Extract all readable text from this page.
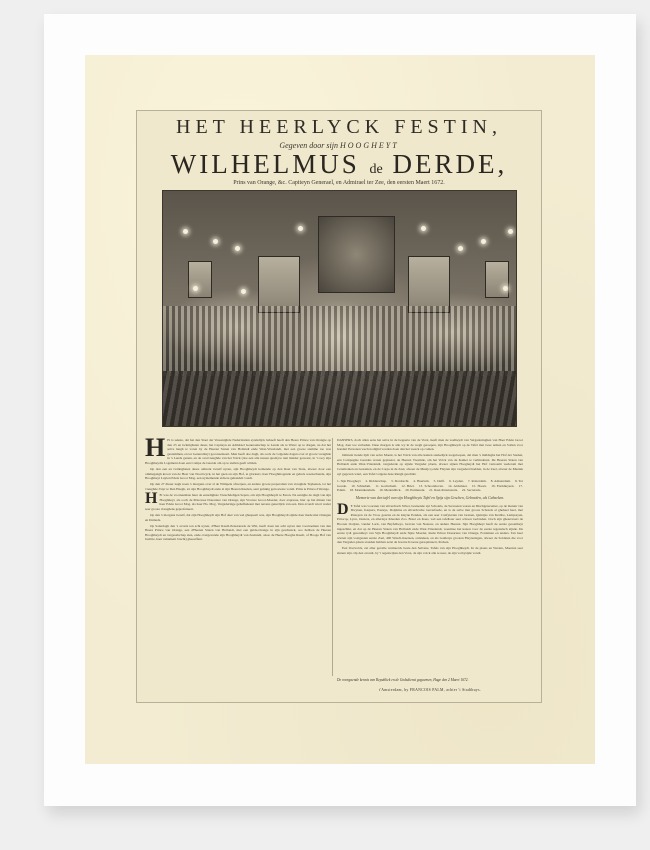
HET HEERLYCK FESTIN,
Gegeven door sijn HOOGHEYT
WILHELMUS de DERDE,
Prins van Orange, &c. Capiteyn Generael, en Admirael ter Zee, den eersten Maert 1672.
H Et is sekste, dat het den Staet der Vereenighde Nederlanden eyndelijck behaeft heeft den Heere Prince van Orangie op den 25 en twintighsten deser, het Capiteyn en Admirael Generaelschap te Lande als te Water op te dragen, na dat het selve langh te voren by de Heeren Staten van Hollandt ende West-Vrieslandt, met een groote stemme toe was gestemmen, en ter Generaliteyt geconsenteert. Men heeft doe dagh, als oock de volgende dagen over al groote vreughde in 's Lands gesien, en de overvreughde van het Volck (doe een alle tussen quam) te niet minder geweest, in 't rooy zijn Hooghheydts Logement doen een Compe de Guarde om op te stellen geeft wilden.

Op den een en twintighsten deses omtrent twaelf uyren, sijn Hooghheydt komende op den Raet van State, alwaer door een ommegangh kroon van de Heer van Noortwyck, in het gaen en sijn Hof, te glorieert, haer Hooghmogende en geluck weenschende, sijn Hooghheyt Luyten Edele Groot Mog. een uytnemende sichere gehandelt vondt.

Op den 27 dieser nagh noen 's morgens over al de Wimpels afwerpen, en andere groote preparatien van vreughde Teykenen, tot het vreughde-Vuyr te Den Haegh, tot sijn Hooghheydt ende al sijn Heeren Raeden, aent gelukig getrouwste vondt. Prins te Prince d'Orange.

H Et was de voornaemste huer de eensdighste Vreuchdeligen Sepen, om sijn Hooghheydt te Eeren. Na eenighe de dagh van sijn Hooghheyt, als ooch de Princesse Douariere van Orange, sijn Vrouwe Groot-Moeder, door expresse, hier op het minen van haer Edele Groot Mog. als haer Ho. Mog. Vergaderinge geliefheleent met nevens generlijck van een. Den avondt wiert wader seer groote vreugdens geprofetieert.

Op den 's morgens twaelf, dat zijn Hooghheydt sijn Hof daer van wel ghespeelt was, sijn Hooghheydt sijnde daer mede met Orangen en Dameds.

Op Saturdagh den 's avonts ten acht uyren, d'Heer Raedt-Pensionaris de Witt, heeft doen ten acht uyren den voornaemen van den Heere Prince van Orange, een d'Heeren Staten van Hollandt, met een gulde-Orange in sijn geschenck, soo hebben de Heeren Hooghheydt en vergeselschap sien, ende overgevende sijn Hooghheydt van Zeelandt, alsoo de Heere Hooghe Raedt, of Hooge Hof van Justitie, haer vehament bracht) gheoeffent.

DANSERS, doch allen eens het selve in de begeerte van de Vorst, heeft men de veelheydt van Vergaderinghen van Haer Edele Groot Mog. daer toe verbeden. Dese morgen is alle wy in de wegh geroepen, zijn Hooghheydt op de Tafel met twee armen en Sollen voor hondert Personen wech nodighd worden doen dan het weeck op comen.

Omtrent tiende tijdt van selve Maent, is het Volck van alle kanten sterkelijck toegeloopen, dat men 's middaghs het Hof der Steden, een Compagnie Guardes waren geplaetst, de Heeren Vreemde, om het Volck van de Kamer te verhinderen. De Heeren Staten van Hollandt ende West-Vrieslandt, vergaderde op sijnde Vergader plaets, alwaer sijnen Hoogheydt het Hof vernoemt wederom met Ceremonien en Gezanten, en de Corps in de Zael, alwaer de Musijcq ende Fluyten sijn vergaderd hadden, in de Zael, alwaer de Muziek uyt gegeven wiert, een Tafel volgens dese Rangh geschikt.

1. Sijn Hoogheyt. 2. Ridderschap. 3. Dordrecht. 4. Haerlem. 5. Delft. 6. Leyden. 7. Rotterdam. 8. Amsterdam. 9. Ter Goude. 10. Schiedam. 11. Gorinchem. 12. Briel. 13. Schoonhoven. 14. Alckmaer. 15. Hoorn. 16. Enckhuysen. 17. Edam. 18. Monnikendam. 19. Medenblick. 20. Purmerent. 21. Raet-Pensionaris. 22. Secretaris.
Memorie van den tafel van sijn Hooghheyts Tafel en Spijs sijn Geschen, Gebraden, als Gebacken.
D E Tafel was voorsien van silverdrach Silver, bestaende uyt Schotels, de Serveeten waren en Dischgerecenter, op de manier van Dwynen, Karpers, Pasteys, Dolphins en silverdrache toeverfaede, en is de selve met groote Schotels al gheheel heel, met Pasteyen tot de Vrou, geerste en de kleyne Eenden, als een seer Confyterien van Granen, Quintjes van Krabbe, Lamprayen, Pittocqs, Lyon, Oesters, en allerleye Kleeden Zoo. Boter en Kaes, wel een tafelbaer seer schoon Gebraden. Ooch sijn gheserveert de Hooren Ooijren, vander Lack, van Beyfelbeys, Graven van Nassaw, en andere Heeren. Sijn Hooghheyt heeft de eerste gesontheyt ingeschikt, en dat op de Heeren Staten van Hollandt ende West-Vrieslandt, waermee het kanon voor de eerste tegenslach sijnde. De eerste tydt gesontheyt van Sijn Hooghheydt ende Sijne Moeder, mede Prince Douariere van Orange, Fontainen en anders. Ten heer wieren sijn voetgesien eerste Zael, 400 Wasch-Keersen, ontsteken, en als Galderye grooten Fluyteslagen, alwaer de Soldaten die voor den Vergader-plaets stonden hebben eerst de hoorne Kroone gerequisteert, Pecken.

Een Voetvolck, zet aller gevalle vermaerck beste den Selvens, Tafels van sijn Hooghheydt. In de plaets en Werten, Maerten seer sinnen zijn. Op den avondt, by 't regenwijten den Vorst, de sijn volck alle te neer, de sijn vorbysijde vondt.

De voorgaende kennis van Republiek en de Godsdienst gegaemen, Hage den 2 Maert 1672.
t'Amsterdam, by FRANCOIS PALM, achter 't Stadthuys.
